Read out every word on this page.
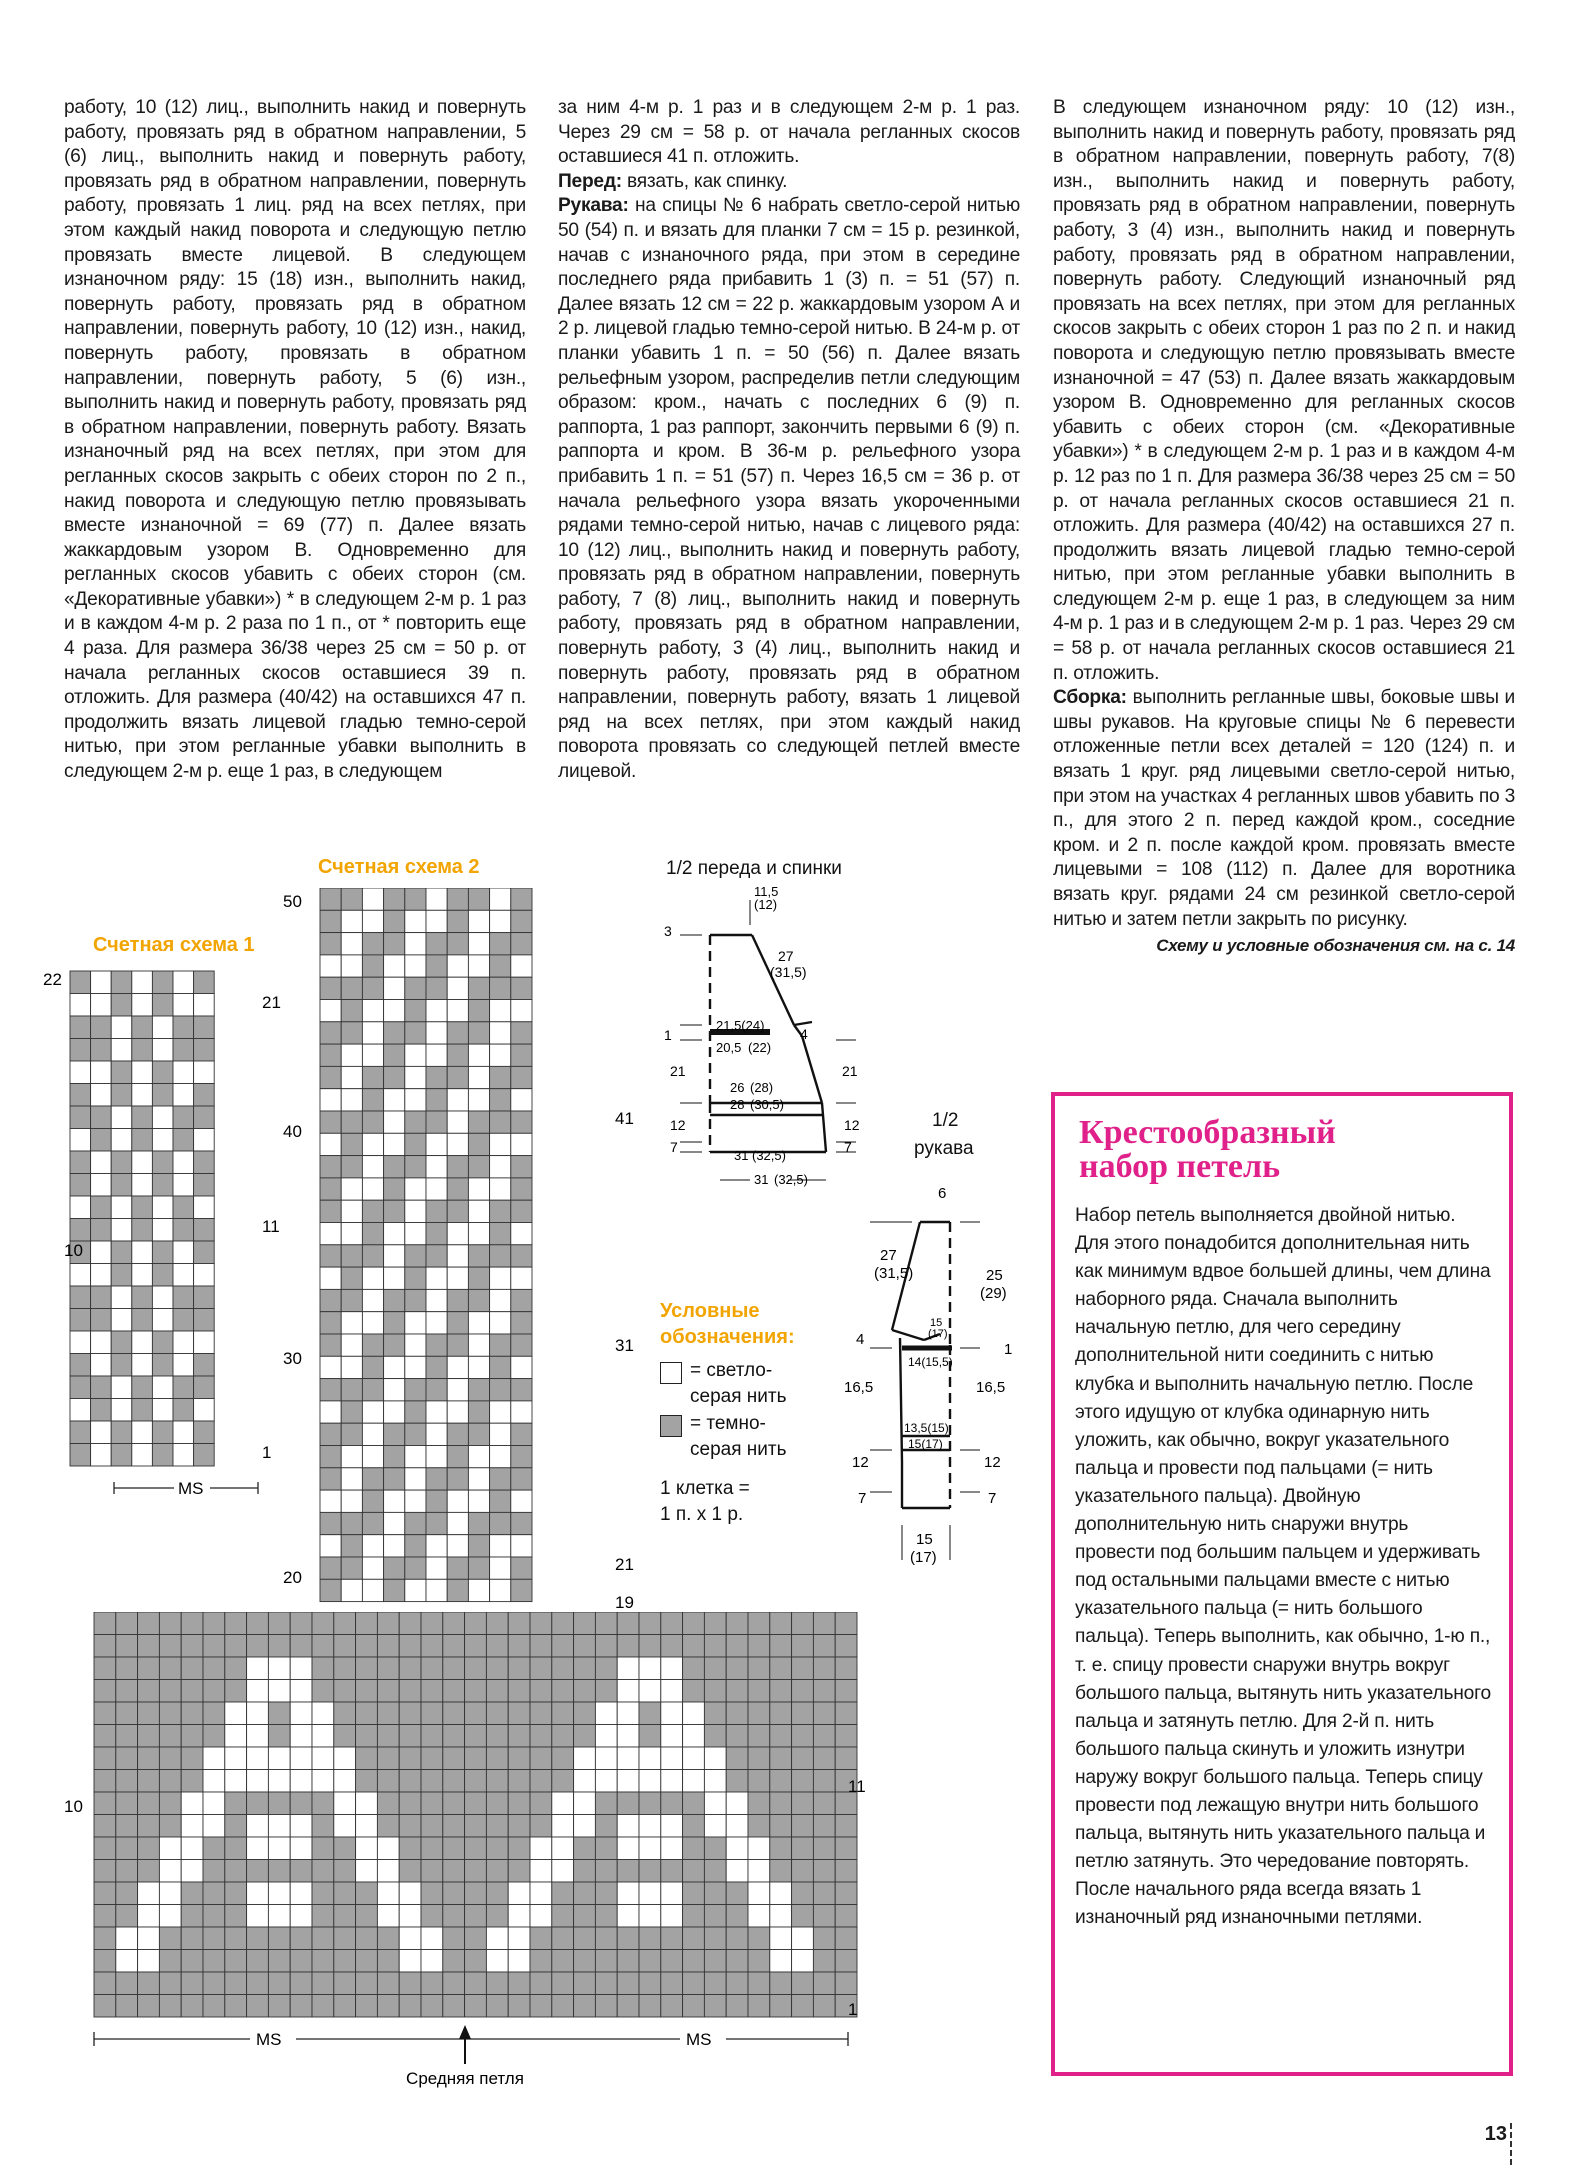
работу, 10 (12) лиц., выполнить накид и повернуть работу, провязать ряд в обратном направлении, 5 (6) лиц., выполнить накид и повернуть работу, провязать ряд в обратном направлении, повернуть работу, провязать 1 лиц. ряд на всех петлях, при этом каждый накид поворота и следующую петлю провязать вместе лицевой. В следующем изнаночном ряду: 15 (18) изн., выполнить накид, повернуть работу, провязать ряд в обратном направлении, повернуть работу, 10 (12) изн., накид, повернуть работу, провязать в обратном направлении, повернуть работу, 5 (6) изн., выполнить накид и повернуть работу, провязать ряд в обратном направлении, повернуть работу. Вязать изнаночный ряд на всех петлях, при этом для регланных скосов закрыть с обеих сторон по 2 п., накид поворота и следующую петлю провязывать вместе изнаночной = 69 (77) п. Далее вязать жаккардовым узором В. Одновременно для регланных скосов убавить с обеих сторон (см. «Декоративные убавки») * в следующем 2-м р. 1 раз и в каждом 4-м р. 2 раза по 1 п., от * повторить еще 4 раза. Для размера 36/38 через 25 см = 50 р. от начала регланных скосов оставшиеся 39 п. отложить. Для размера (40/42) на оставшихся 47 п. продолжить вязать лицевой гладью темно-серой нитью, при этом регланные убавки выполнить в следующем 2-м р. еще 1 раз, в следующем

за ним 4-м р. 1 раз и в следующем 2-м р. 1 раз. Через 29 см = 58 р. от начала регланных скосов оставшиеся 41 п. отложить.

Перед: вязать, как спинку.

Рукава: на спицы № 6 набрать светло-серой нитью 50 (54) п. и вязать для планки 7 см = 15 р. резинкой, начав с изнаночного ряда, при этом в середине последнего ряда прибавить 1 (3) п. = 51 (57) п. Далее вязать 12 см = 22 р. жаккардовым узором А и 2 р. лицевой гладью темно-серой нитью. В 24-м р. от планки убавить 1 п. = 50 (56) п. Далее вязать рельефным узором, распределив петли следующим образом: кром., начать с последних 6 (9) п. раппорта, 1 раз раппорт, закончить первыми 6 (9) п. раппорта и кром. В 36-м р. рельефного узора прибавить 1 п. = 51 (57) п. Через 16,5 см = 36 р. от начала рельефного узора вязать укороченными рядами темно-серой нитью, начав с лицевого ряда: 10 (12) лиц., выполнить накид и повернуть работу, провязать ряд в обратном направлении, повернуть работу, 7 (8) лиц., выполнить накид и повернуть работу, провязать ряд в обратном направлении, повернуть работу, 3 (4) лиц., выполнить накид и повернуть работу, провязать ряд в обратном направлении, повернуть работу, вязать 1 лицевой ряд на всех петлях, при этом каждый накид поворота провязать со следующей петлей вместе лицевой.

В следующем изнаночном ряду: 10 (12) изн., выполнить накид и повернуть работу, провязать ряд в обратном направлении, повернуть работу, 7(8) изн., выполнить накид и повернуть работу, провязать ряд в обратном направлении, повернуть работу, 3 (4) изн., выполнить накид и повернуть работу, провязать ряд в обратном направлении, повернуть работу. Следующий изнаночный ряд провязать на всех петлях, при этом для регланных скосов закрыть с обеих сторон 1 раз по 2 п. и накид поворота и следующую петлю провязывать вместе изнаночной = 47 (53) п. Далее вязать жаккардовым узором В. Одновременно для регланных скосов убавить с обеих сторон (см. «Декоративные убавки») * в следующем 2-м р. 1 раз и в каждом 4-м р. 12 раз по 1 п. Для размера 36/38 через 25 см = 50 р. от начала регланных скосов оставшиеся 21 п. отложить. Для размера (40/42) на оставшихся 27 п. продолжить вязать лицевой гладью темно-серой нитью, при этом регланные убавки выполнить в следующем 2-м р. еще 1 раз, в следующем за ним 4-м р. 1 раз и в следующем 2-м р. 1 раз. Через 29 см = 58 р. от начала регланных скосов оставшиеся 21 п. отложить.

Сборка: выполнить регланные швы, боковые швы и швы рукавов. На круговые спицы № 6 перевести отложенные петли всех деталей = 120 (124) п. и вязать 1 круг. ряд лицевыми светло-серой нитью, при этом на участках 4 регланных швов убавить по 3 п., для этого 2 п. перед каждой кром., соседние кром. и 2 п. после каждой кром. провязать вместе лицевыми = 108 (112) п. Далее для воротника вязать круг. рядами 24 см резинкой светло-серой нитью и затем петли закрыть по рисунку.

Схему и условные обозначения см. на с. 14
Счетная схема 2
Счетная схема 1
22
21
11
10
1
MS
50
41
40
31
30
21
20
19
11
10
1
MS	MS
Средняя петля
1/2 переда и спинки
11,5
(12)
3
27
(31,5)
1
21,5(24)
20,5 (22)
4
21	21
26 (28)
28 (30,5)
12	12
31 (32,5)
7	7
31 (32,5)
1/2
рукава
6
27
(31,5)	25
(29)
15
(17)
4
1
14(15,5)
16,5	16,5
13,5(15)
15(17)
12	12
7	7
15
(17)
Условные
обозначения:
= светло-
серая нить
= темно-
серая нить
1 клетка =
1 п. х 1 р.
Крестообразный
набор петель
Набор петель выполняется двойной нитью. Для этого понадобится дополнительная нить как минимум вдвое большей длины, чем длина наборного ряда. Сначала выполнить начальную петлю, для чего середину дополнительной нити соединить с нитью клубка и выполнить начальную петлю. После этого идущую от клубка одинарную нить уложить, как обычно, вокруг указательного пальца и провести под пальцами (= нить указательного пальца). Двойную дополнительную нить снаружи внутрь провести под большим пальцем и удерживать под остальными пальцами вместе с нитью указательного пальца (= нить большого пальца). Теперь выполнить, как обычно, 1-ю п., т. е. спицу провести снаружи внутрь вокруг большого пальца, вытянуть нить указательного пальца и затянуть петлю. Для 2-й п. нить большого пальца скинуть и уложить изнутри наружу вокруг большого пальца. Теперь спицу провести под лежащую внутри нить большого пальца, вытянуть нить указательного пальца и петлю затянуть. Это чередование повторять. После начального ряда всегда вязать 1 изнаночный ряд изнаночными петлями.
13
